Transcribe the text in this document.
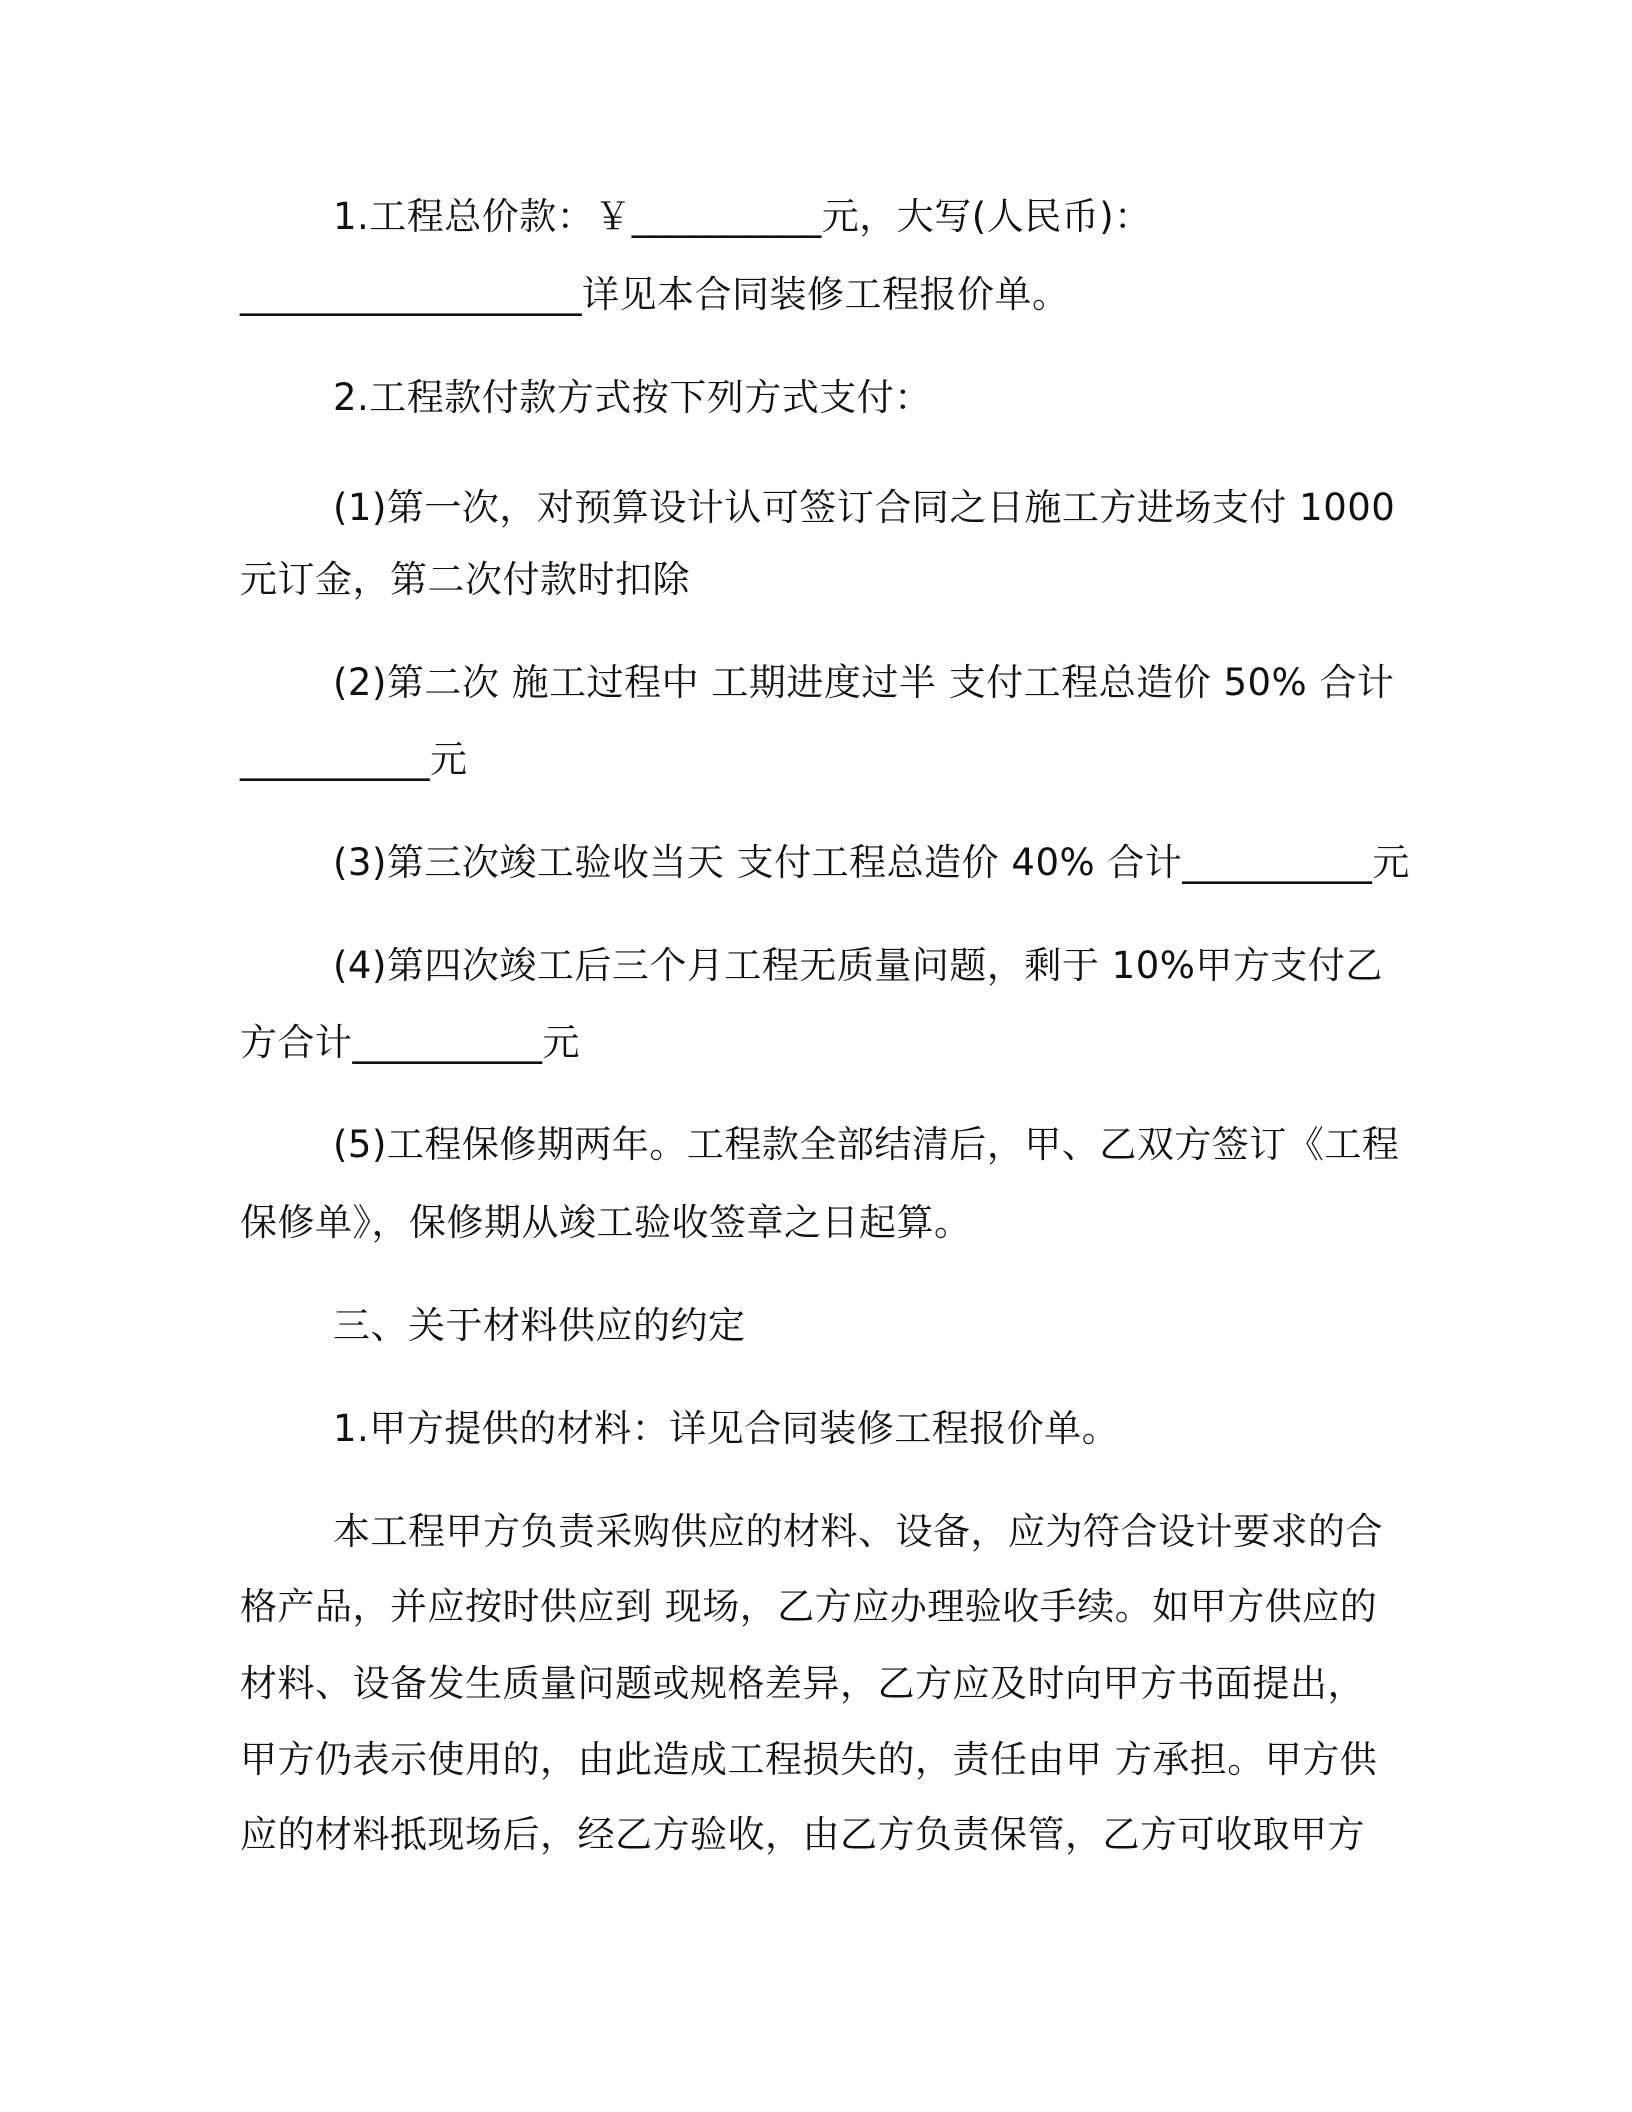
1.工程总价款：￥__________元，大写(人民币)：

__________________详见本合同装修工程报价单。

2.工程款付款方式按下列方式支付：

(1)第一次，对预算设计认可签订合同之日施工方进场支付 1000

元订金，第二次付款时扣除

(2)第二次 施工过程中 工期进度过半 支付工程总造价 50% 合计

__________元

(3)第三次竣工验收当天 支付工程总造价 40% 合计__________元

(4)第四次竣工后三个月工程无质量问题，剩于 10%甲方支付乙

方合计__________元

(5)工程保修期两年。工程款全部结清后，甲、乙双方签订《工程

保修单》，保修期从竣工验收签章之日起算。

三、关于材料供应的约定

1.甲方提供的材料：详见合同装修工程报价单。

本工程甲方负责采购供应的材料、设备，应为符合设计要求的合

格产品，并应按时供应到 现场，乙方应办理验收手续。如甲方供应的

材料、设备发生质量问题或规格差异，乙方应及时向甲方书面提出，

甲方仍表示使用的，由此造成工程损失的，责任由甲 方承担。甲方供

应的材料抵现场后，经乙方验收，由乙方负责保管，乙方可收取甲方
